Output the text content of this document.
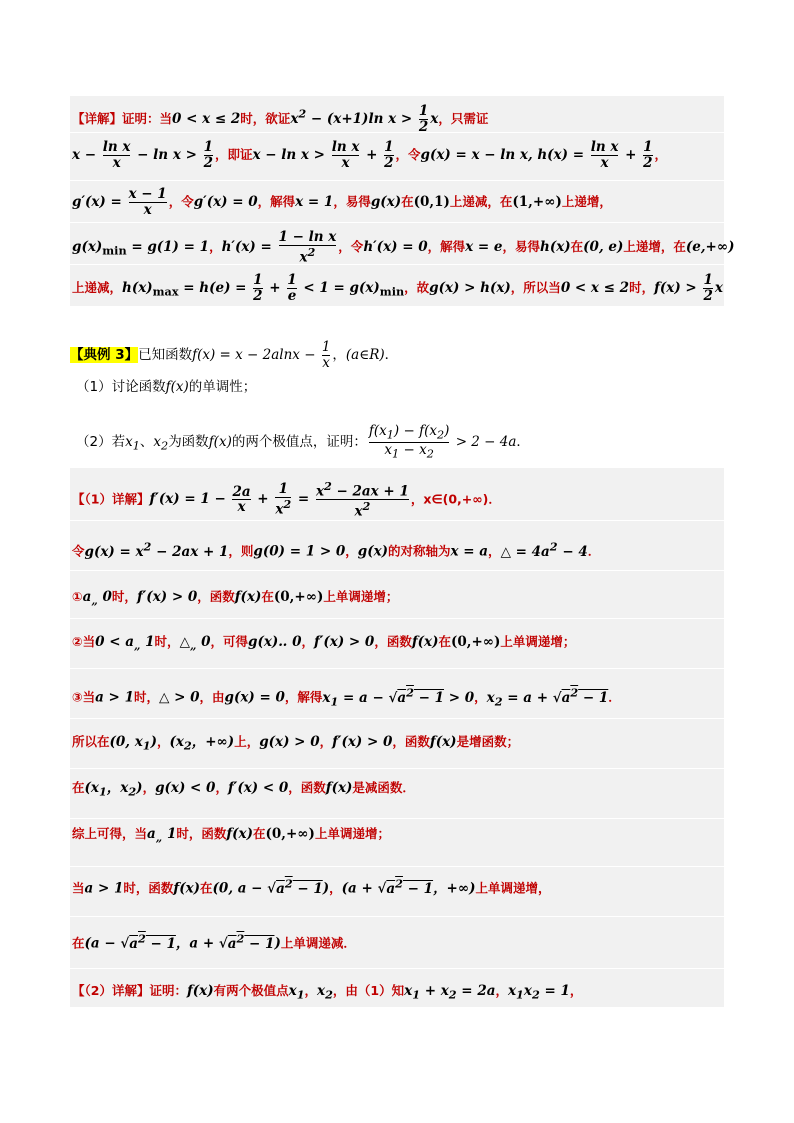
【详解】证明：当0 < x ≤ 2时，欲证$x^2 - (x+1)\ln$ $x > \frac{1}{2}$ x，只需证
$x - \frac{\text{ln x}}{x} - \ln x > \frac{1}{2}$ ，即证$x - \ln x > \frac{\text{ln x}}{x} + \frac{1}{2}$ ，令g(x) = x − ln x, $h(x) = \frac{\text{ln x}}{x} + \frac{1}{2}$ ，
$g'(x) = \frac{x - 1}{x}$ ，令g′(x) = 0，解得x = 1，易得g(x)在(0,1)上递减，在(1,+∞)上递增，
$g(x)_{min} = g(1) = 1$，$h'(x) = \frac{\text{1 − ln x}}{x^2}$ ，令h′(x) = 0，解得x = e，易得h(x)在(0, e)上递增，在(e,+∞)
上递减，$h(x)_{max} = h(e) = \frac{1}{2} + \frac{1}{e} < 1 = g(x)_{min}$，故g(x) > h(x)，所以当0 < x ≤ 2时，$f(x) > \frac{1}{2}$ x
【典例 3】已知函数$f(x) = x - 2alnx - \frac{1}{x}$ ，(a∈R)．
（1）讨论函数f(x)的单调性；
（2）若$x_1$、$x_2$为函数f(x)的两个极值点，证明： $\frac{f(x_1) - f(x_2)}{x_1 - x_2} > 2 - 4a$．
【（1）详解】$f'(x) = 1 - \frac{2a}{x} + \frac{1}{x^2} = \frac{x^2 - 2ax + 1}{x^2}$ ，x∈(0,+∞)．
令$g(x) = x^2 - 2ax + 1$，则g(0) = 1 > 0，g(x)的对称轴为x = a，△ = $4a^2 - 4$．
$①a_„$ 0时，f′(x) > 0，函数f(x)在(0,+∞)上单调递增；
②当$0 < a_„$ 1时，$\triangle_„$ 0，可得g(x)‥ 0，f′(x) > 0，函数f(x)在(0,+∞)上单调递增；
③当a > 1时，△ > 0，由g(x) = 0，解得$x_1 = a - √a^2 - 1 > 0$，$x_2 = a + √a^2 - 1$．
所以在(0, $x_1$)，($x_2$，+∞)上，g(x) > 0，f′(x) > 0，函数f(x)是增函数；
在($x_1$，$x_2$)，g(x) < 0，f′(x) < 0，函数f(x)是减函数．
综上可得，当$a_„$ 1时，函数f(x)在(0,+∞)上单调递增；
当a > 1时，函数f(x)在(0, $a - √a^2 - 1$)，($a + √a^2 - 1$，+∞)上单调递增，
在($a - √a^2 - 1$，$a + √a^2 - 1$)上单调递减．
【（2）详解】证明：f(x)有两个极值点$x_1$，$x_2$，由（1）知$x_1 + x_2 = 2a$，$x_1x_2 = 1$，
